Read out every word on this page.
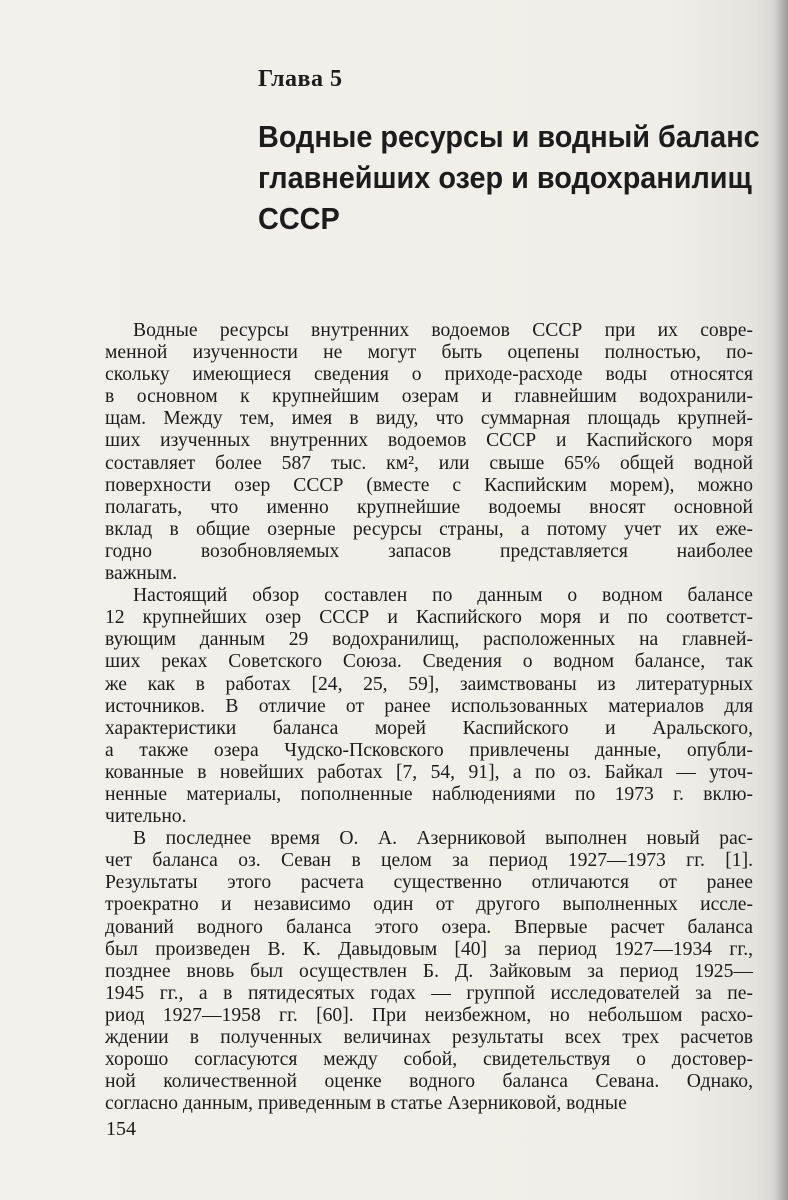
Глава 5
Водные ресурсы и водный баланс
главнейших озер и водохранилищ
СССР
Водные ресурсы внутренних водоемов СССР при их совре-
менной изученности не могут быть оцепены полностью, по-
скольку имеющиеся сведения о приходе-расходе воды относятся
в основном к крупнейшим озерам и главнейшим водохранили-
щам. Между тем, имея в виду, что суммарная площадь крупней-
ших изученных внутренних водоемов СССР и Каспийского моря
составляет более 587 тыс. км², или свыше 65% общей водной
поверхности озер СССР (вместе с Каспийским морем), можно
полагать, что именно крупнейшие водоемы вносят основной
вклад в общие озерные ресурсы страны, а потому учет их еже-
годно возобновляемых запасов представляется наиболее
важным.
Настоящий обзор составлен по данным о водном балансе
12 крупнейших озер СССР и Каспийского моря и по соответст-
вующим данным 29 водохранилищ, расположенных на главней-
ших реках Советского Союза. Сведения о водном балансе, так
же как в работах [24, 25, 59], заимствованы из литературных
источников. В отличие от ранее использованных материалов для
характеристики баланса морей Каспийского и Аральского,
а также озера Чудско-Псковского привлечены данные, опубли-
кованные в новейших работах [7, 54, 91], а по оз. Байкал — уточ-
ненные материалы, пополненные наблюдениями по 1973 г. вклю-
чительно.
В последнее время О. А. Азерниковой выполнен новый рас-
чет баланса оз. Севан в целом за период 1927—1973 гг. [1].
Результаты этого расчета существенно отличаются от ранее
троекратно и независимо один от другого выполненных иссле-
дований водного баланса этого озера. Впервые расчет баланса
был произведен В. К. Давыдовым [40] за период 1927—1934 гг.,
позднее вновь был осуществлен Б. Д. Зайковым за период 1925—
1945 гг., а в пятидесятых годах — группой исследователей за пе-
риод 1927—1958 гг. [60]. При неизбежном, но небольшом расхо-
ждении в полученных величинах результаты всех трех расчетов
хорошо согласуются между собой, свидетельствуя о достовер-
ной количественной оценке водного баланса Севана. Однако,
согласно данным, приведенным в статье Азерниковой, водные
154
